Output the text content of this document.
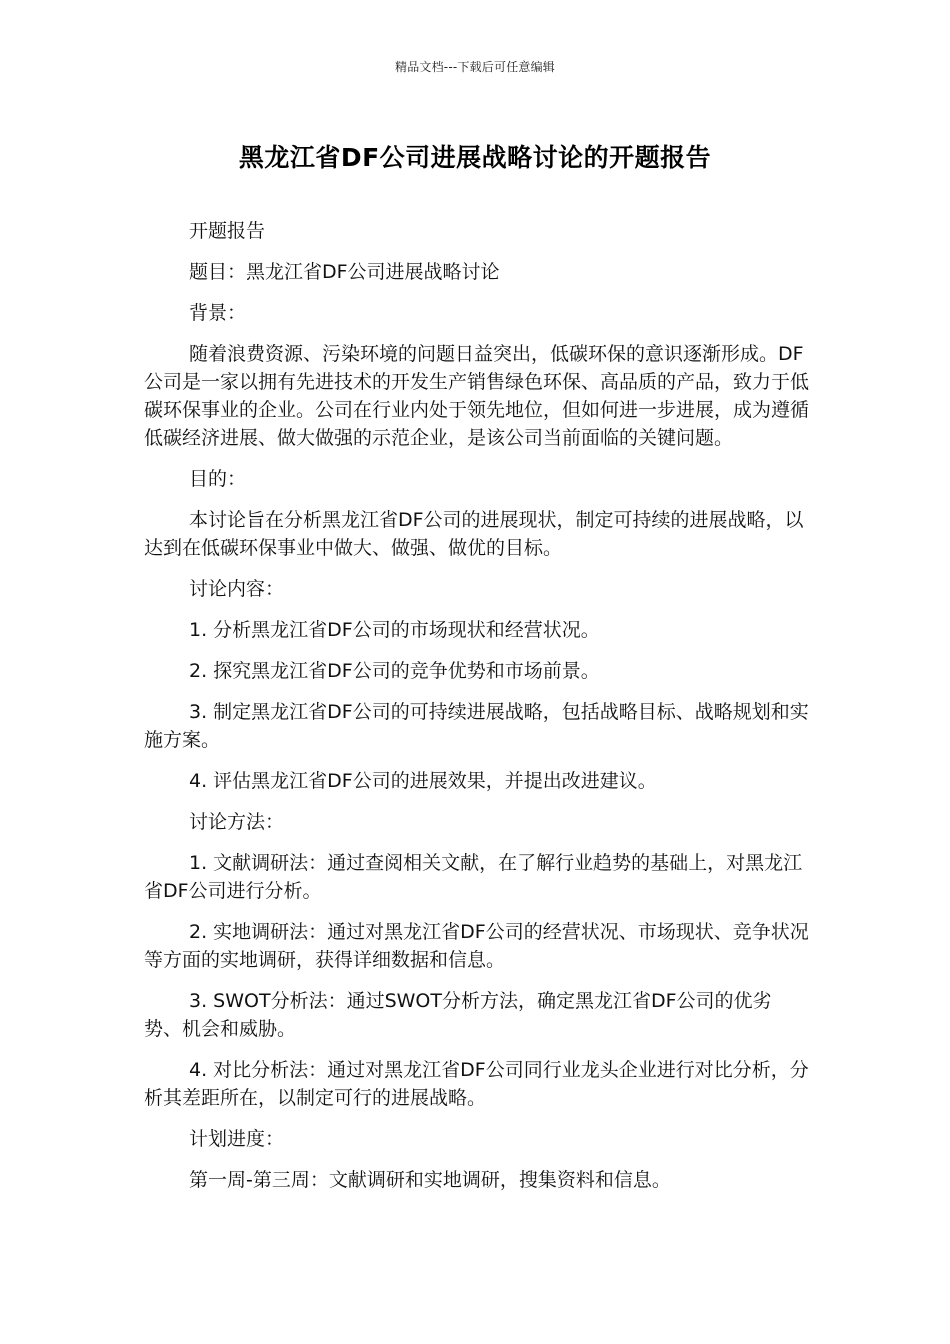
精品文档---下载后可任意编辑
黑龙江省DF公司进展战略讨论的开题报告

开题报告

题目：黑龙江省DF公司进展战略讨论

背景：

随着浪费资源、污染环境的问题日益突出，低碳环保的意识逐渐形成。DF公司是一家以拥有先进技术的开发生产销售绿色环保、高品质的产品，致力于低碳环保事业的企业。公司在行业内处于领先地位，但如何进一步进展，成为遵循低碳经济进展、做大做强的示范企业，是该公司当前面临的关键问题。

目的：

本讨论旨在分析黑龙江省DF公司的进展现状，制定可持续的进展战略，以达到在低碳环保事业中做大、做强、做优的目标。

讨论内容：

1. 分析黑龙江省DF公司的市场现状和经营状况。

2. 探究黑龙江省DF公司的竞争优势和市场前景。

3. 制定黑龙江省DF公司的可持续进展战略，包括战略目标、战略规划和实施方案。

4. 评估黑龙江省DF公司的进展效果，并提出改进建议。

讨论方法：

1. 文献调研法：通过查阅相关文献，在了解行业趋势的基础上，对黑龙江省DF公司进行分析。

2. 实地调研法：通过对黑龙江省DF公司的经营状况、市场现状、竞争状况等方面的实地调研，获得详细数据和信息。

3. SWOT分析法：通过SWOT分析方法，确定黑龙江省DF公司的优劣势、机会和威胁。

4. 对比分析法：通过对黑龙江省DF公司同行业龙头企业进行对比分析，分析其差距所在，以制定可行的进展战略。

计划进度：

第一周-第三周：文献调研和实地调研，搜集资料和信息。
